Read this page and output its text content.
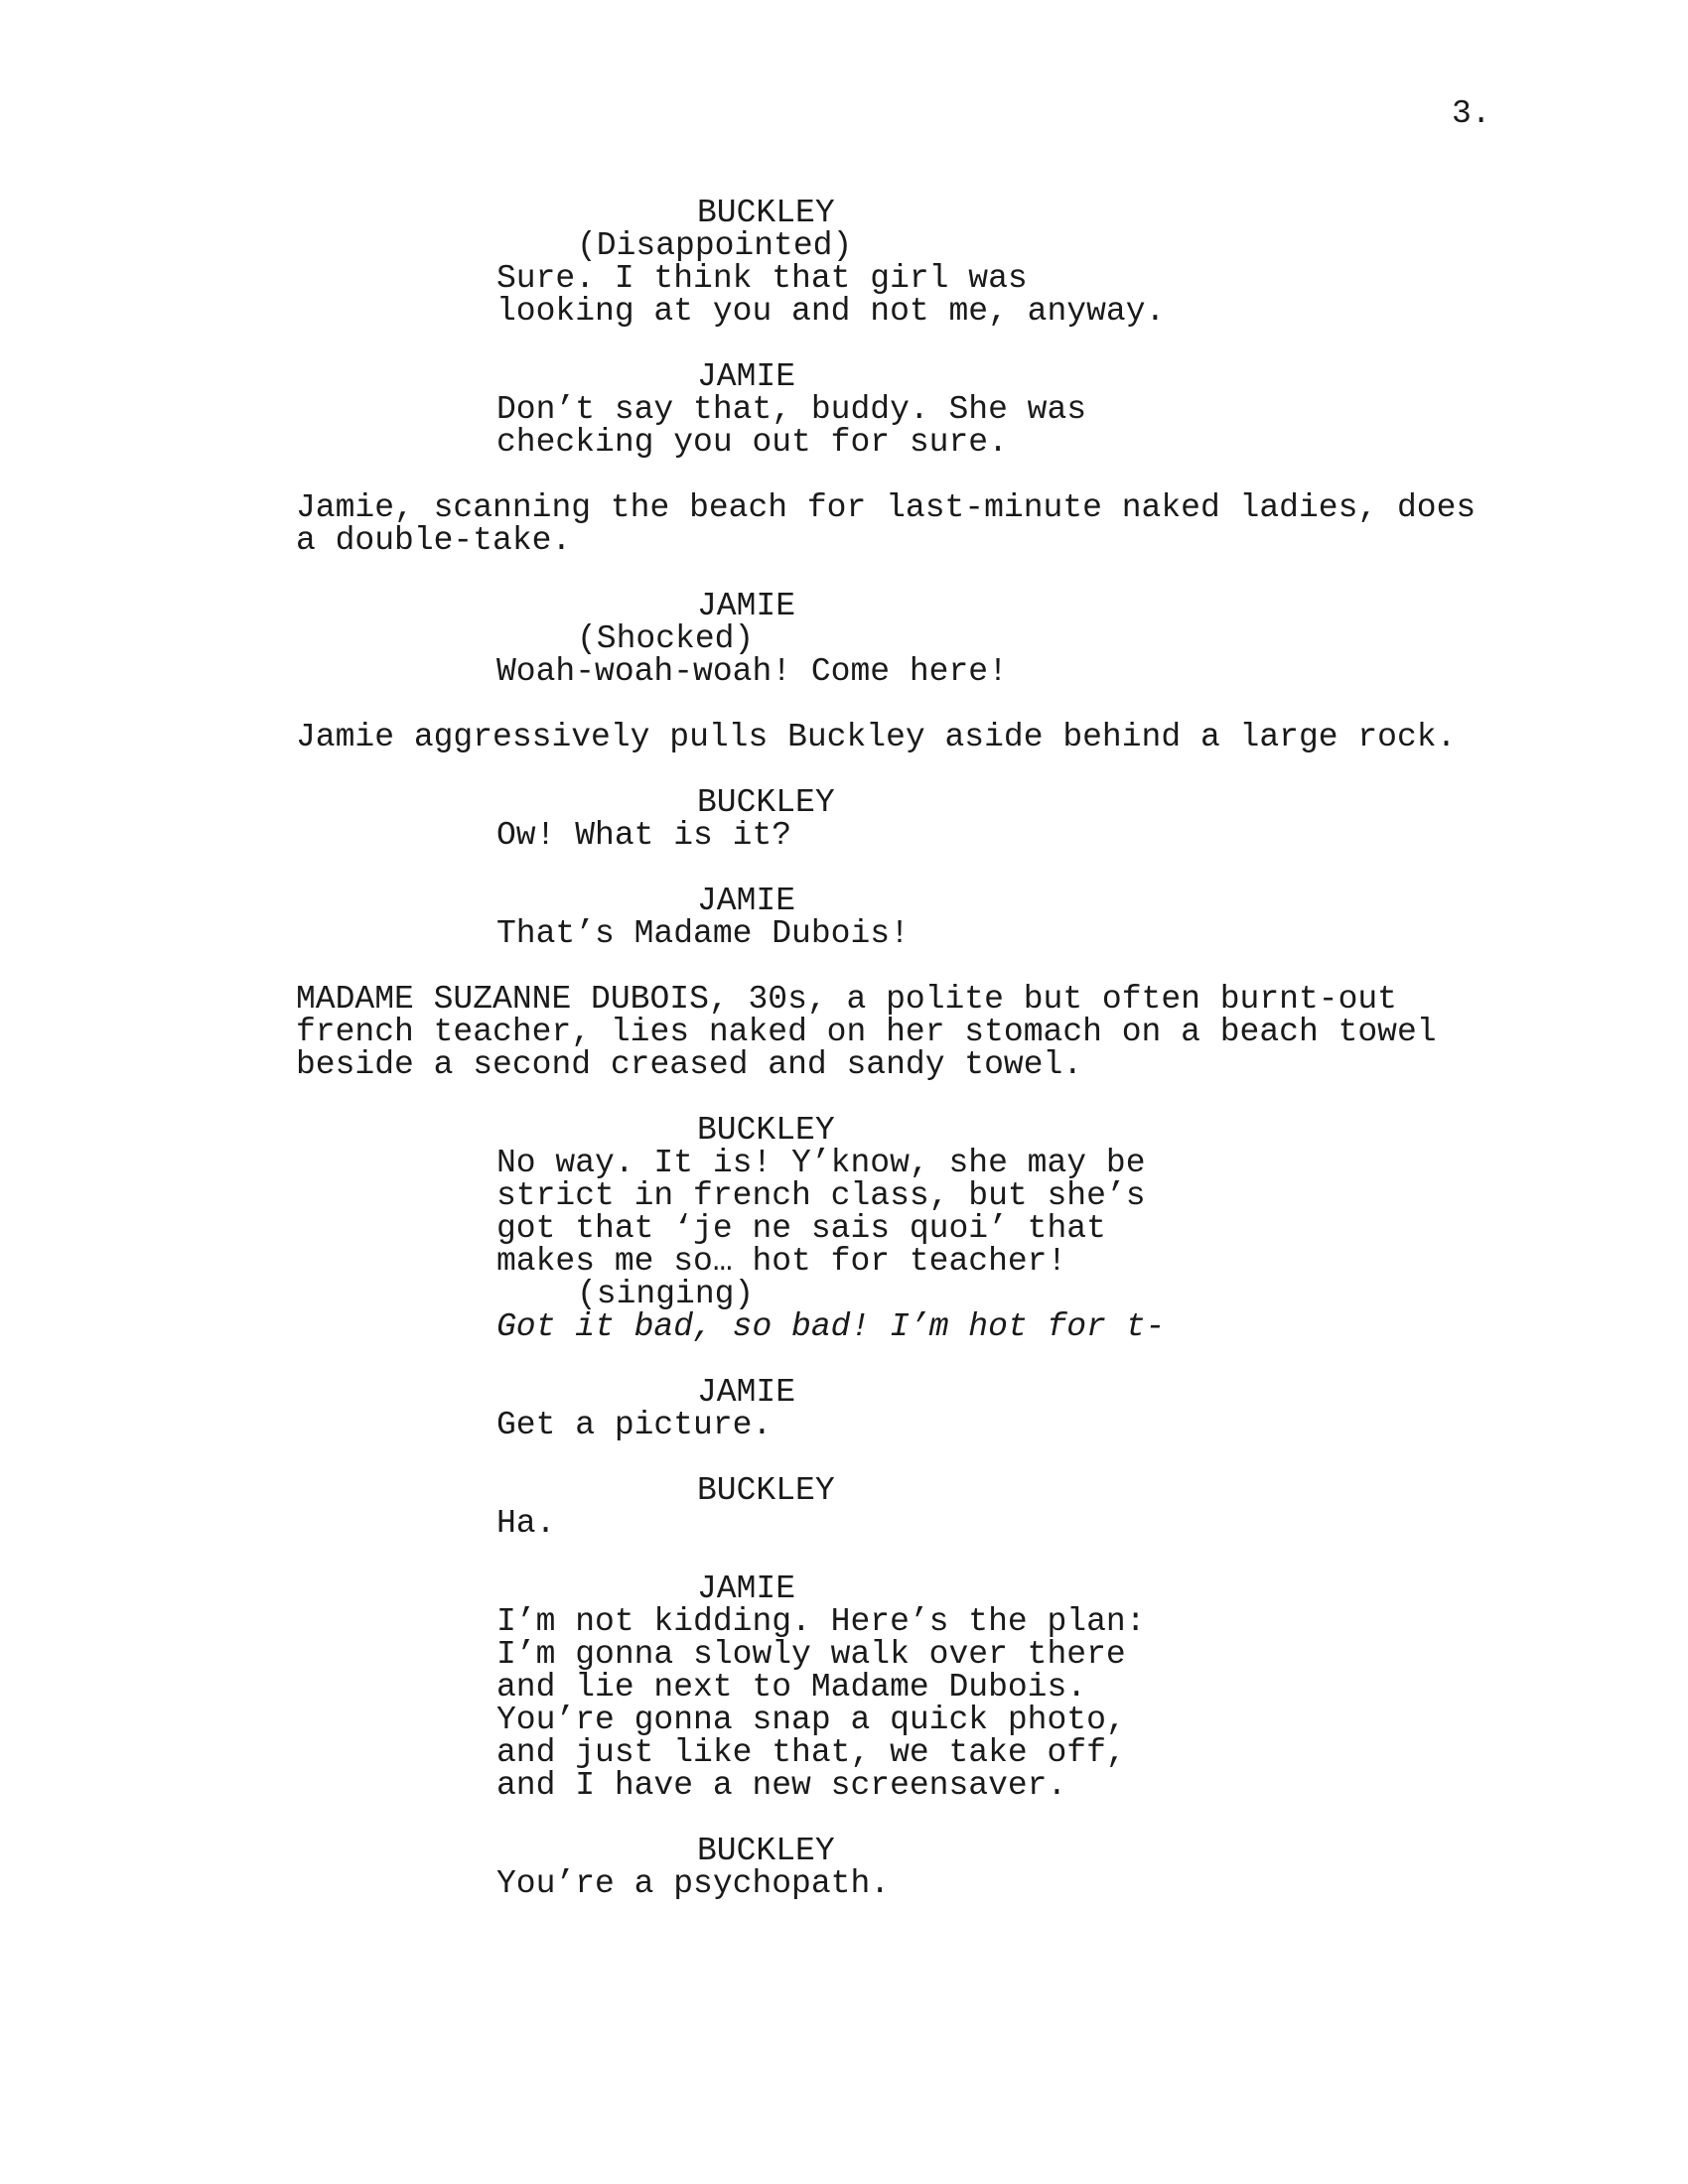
3.
BUCKLEY
(Disappointed)
Sure. I think that girl was
looking at you and not me, anyway.
JAMIE
Don’t say that, buddy. She was
checking you out for sure.
Jamie, scanning the beach for last-minute naked ladies, does
a double-take.
JAMIE
(Shocked)
Woah-woah-woah! Come here!
Jamie aggressively pulls Buckley aside behind a large rock.
BUCKLEY
Ow! What is it?
JAMIE
That’s Madame Dubois!
MADAME SUZANNE DUBOIS, 30s, a polite but often burnt-out
french teacher, lies naked on her stomach on a beach towel
beside a second creased and sandy towel.
BUCKLEY
No way. It is! Y’know, she may be
strict in french class, but she’s
got that ‘je ne sais quoi’ that
makes me so… hot for teacher!
(singing)
Got it bad, so bad! I’m hot for t-
JAMIE
Get a picture.
BUCKLEY
Ha.
JAMIE
I’m not kidding. Here’s the plan:
I’m gonna slowly walk over there
and lie next to Madame Dubois.
You’re gonna snap a quick photo,
and just like that, we take off,
and I have a new screensaver.
BUCKLEY
You’re a psychopath.
